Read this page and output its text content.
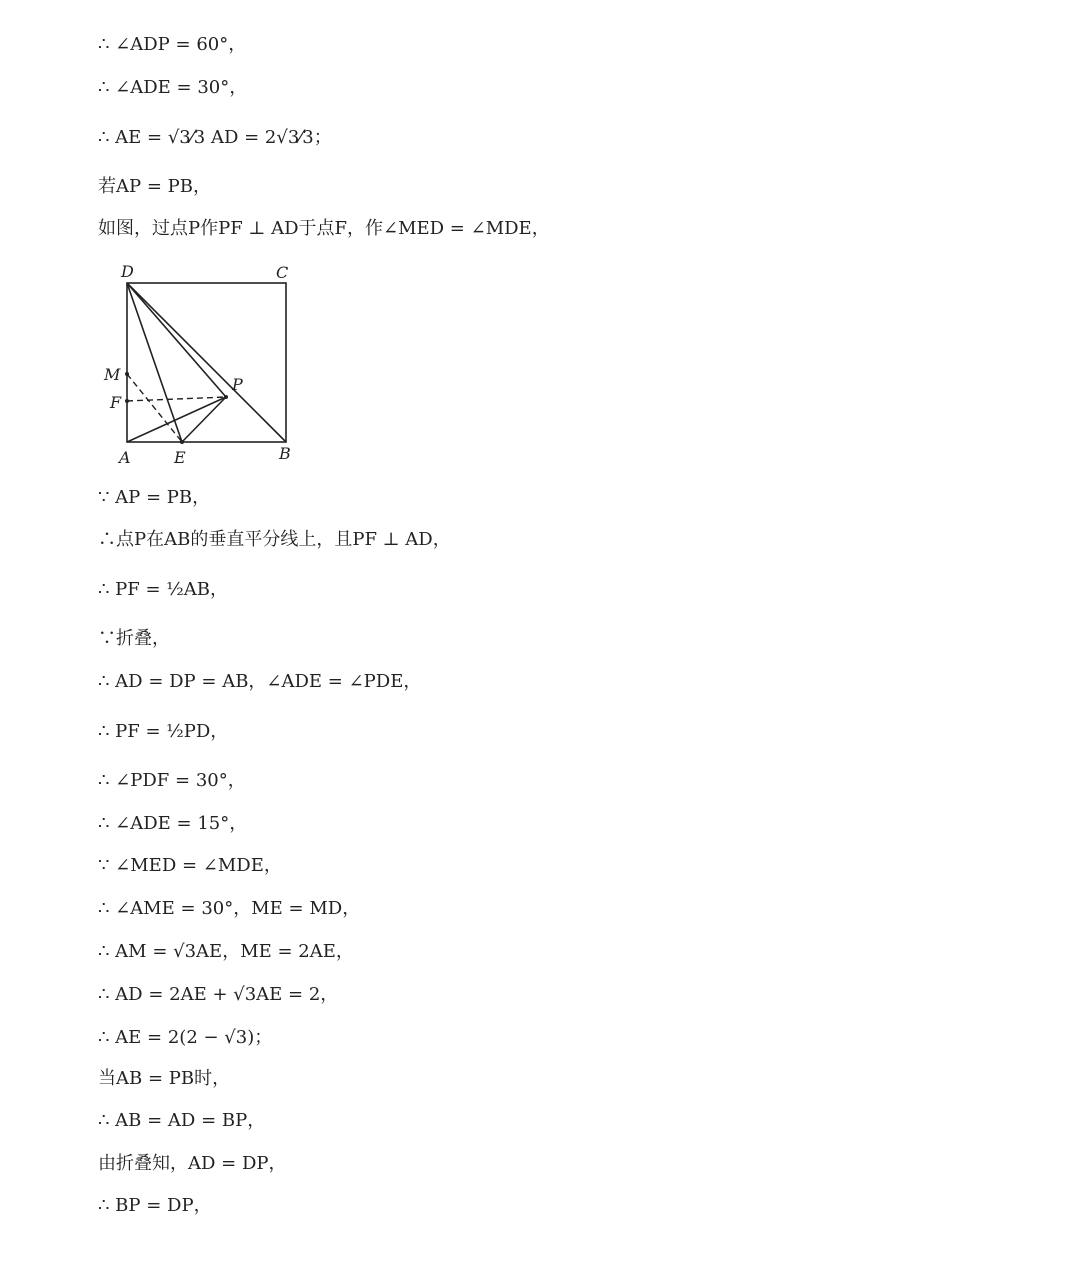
∴ ∠ADP = 60°，
∴ ∠ADE = 30°，
∴ AE = √3⁄3 AD = 2√3⁄3；
若AP = PB，
如图，过点P作PF ⊥ AD于点F，作∠MED = ∠MDE，
D	C
M
F
P
A	E	B
∵ AP = PB，
∴点P在AB的垂直平分线上，且PF ⊥ AD，
∴ PF = ½AB，
∵折叠，
∴ AD = DP = AB，∠ADE = ∠PDE，
∴ PF = ½PD，
∴ ∠PDF = 30°，
∴ ∠ADE = 15°，
∵ ∠MED = ∠MDE，
∴ ∠AME = 30°，ME = MD，
∴ AM = √3AE，ME = 2AE，
∴ AD = 2AE + √3AE = 2，
∴ AE = 2(2 − √3)；
当AB = PB时，
∴ AB = AD = BP，
由折叠知，AD = DP，
∴ BP = DP，
